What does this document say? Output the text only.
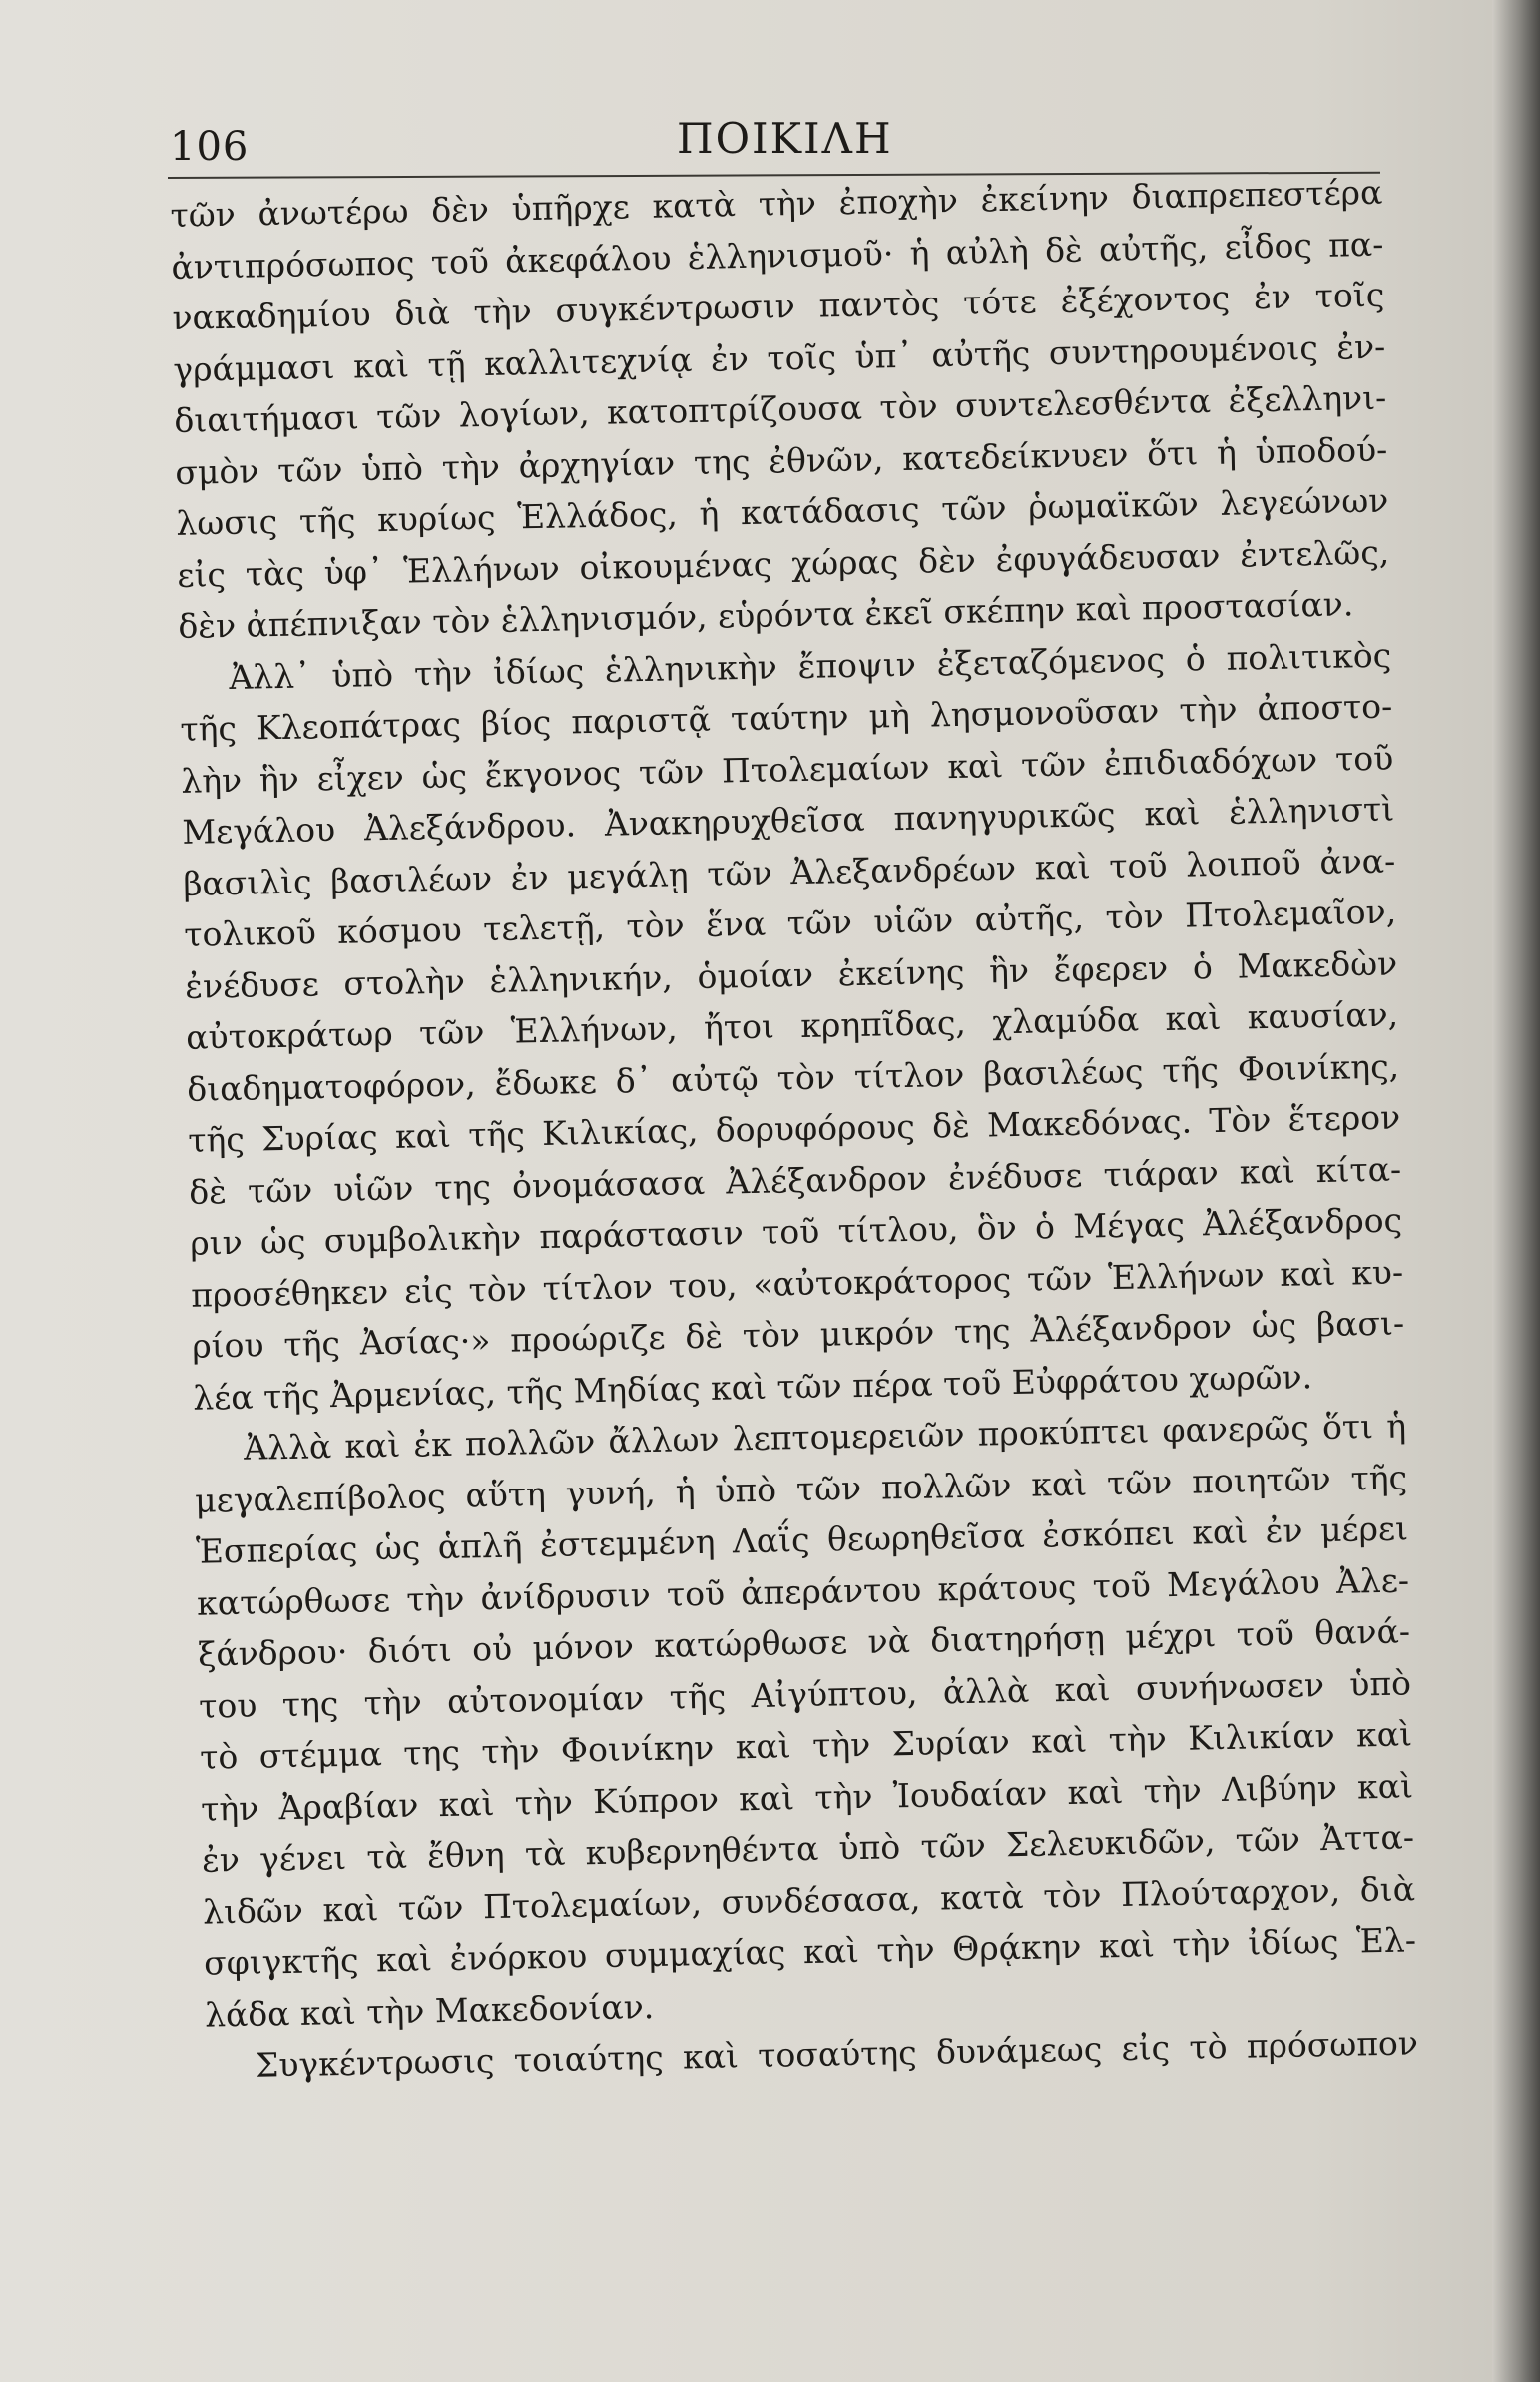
106	ΠΟΙΚΙΛΗ
τῶν ἀνωτέρω δὲν ὑπῆρχε κατὰ τὴν ἐποχὴν ἐκείνην διαπρεπεστέρα
ἀντιπρόσωπος τοῦ ἀκεφάλου ἑλληνισμοῦ· ἡ αὐλὴ δὲ αὐτῆς, εἶδος πα-
νακαδημίου διὰ τὴν συγκέντρωσιν παντὸς τότε ἐξέχοντος ἐν τοῖς
γράμμασι καὶ τῇ καλλιτεχνίᾳ ἐν τοῖς ὑπ᾽ αὐτῆς συντηρουμένοις ἐν-
διαιτήμασι τῶν λογίων, κατοπτρίζουσα τὸν συντελεσθέντα ἐξελληνι-
σμὸν τῶν ὑπὸ τὴν ἀρχηγίαν της ἐθνῶν, κατεδείκνυεν ὅτι ἡ ὑποδού-
λωσις τῆς κυρίως Ἑλλάδος, ἡ κατάδασις τῶν ῥωμαϊκῶν λεγεώνων
εἰς τὰς ὑφ᾽ Ἑλλήνων οἰκουμένας χώρας δὲν ἐφυγάδευσαν ἐντελῶς,
δὲν ἀπέπνιξαν τὸν ἑλληνισμόν, εὑρόντα ἐκεῖ σκέπην καὶ προστασίαν.
Ἀλλ᾽ ὑπὸ τὴν ἰδίως ἑλληνικὴν ἔποψιν ἐξεταζόμενος ὁ πολιτικὸς
τῆς Κλεοπάτρας βίος παριστᾷ ταύτην μὴ λησμονοῦσαν τὴν ἀποστο-
λὴν ἣν εἶχεν ὡς ἔκγονος τῶν Πτολεμαίων καὶ τῶν ἐπιδιαδόχων τοῦ
Μεγάλου Ἀλεξάνδρου. Ἀνακηρυχθεῖσα πανηγυρικῶς καὶ ἑλληνιστὶ
βασιλὶς βασιλέων ἐν μεγάλῃ τῶν Ἀλεξανδρέων καὶ τοῦ λοιποῦ ἀνα-
τολικοῦ κόσμου τελετῇ, τὸν ἕνα τῶν υἱῶν αὐτῆς, τὸν Πτολεμαῖον,
ἐνέδυσε στολὴν ἑλληνικήν, ὁμοίαν ἐκείνης ἣν ἔφερεν ὁ Μακεδὼν
αὐτοκράτωρ τῶν Ἑλλήνων, ἤτοι κρηπῖδας, χλαμύδα καὶ καυσίαν,
διαδηματοφόρον, ἔδωκε δ᾽ αὐτῷ τὸν τίτλον βασιλέως τῆς Φοινίκης,
τῆς Συρίας καὶ τῆς Κιλικίας, δορυφόρους δὲ Μακεδόνας. Τὸν ἕτερον
δὲ τῶν υἱῶν της ὀνομάσασα Ἀλέξανδρον ἐνέδυσε τιάραν καὶ κίτα-
ριν ὡς συμβολικὴν παράστασιν τοῦ τίτλου, ὃν ὁ Μέγας Ἀλέξανδρος
προσέθηκεν εἰς τὸν τίτλον του, «αὐτοκράτορος τῶν Ἑλλήνων καὶ κυ-
ρίου τῆς Ἀσίας·» προώριζε δὲ τὸν μικρόν της Ἀλέξανδρον ὡς βασι-
λέα τῆς Ἀρμενίας, τῆς Μηδίας καὶ τῶν πέρα τοῦ Εὐφράτου χωρῶν.
Ἀλλὰ καὶ ἐκ πολλῶν ἄλλων λεπτομερειῶν προκύπτει φανερῶς ὅτι ἡ
μεγαλεπίβολος αὕτη γυνή, ἡ ὑπὸ τῶν πολλῶν καὶ τῶν ποιητῶν τῆς
Ἑσπερίας ὡς ἁπλῆ ἐστεμμένη Λαΐς θεωρηθεῖσα ἐσκόπει καὶ ἐν μέρει
κατώρθωσε τὴν ἀνίδρυσιν τοῦ ἀπεράντου κράτους τοῦ Μεγάλου Ἀλε-
ξάνδρου· διότι οὐ μόνον κατώρθωσε νὰ διατηρήσῃ μέχρι τοῦ θανά-
του της τὴν αὐτονομίαν τῆς Αἰγύπτου, ἀλλὰ καὶ συνήνωσεν ὑπὸ
τὸ στέμμα της τὴν Φοινίκην καὶ τὴν Συρίαν καὶ τὴν Κιλικίαν καὶ
τὴν Ἀραβίαν καὶ τὴν Κύπρον καὶ τὴν Ἰουδαίαν καὶ τὴν Λιβύην καὶ
ἐν γένει τὰ ἔθνη τὰ κυβερνηθέντα ὑπὸ τῶν Σελευκιδῶν, τῶν Ἀττα-
λιδῶν καὶ τῶν Πτολεμαίων, συνδέσασα, κατὰ τὸν Πλούταρχον, διὰ
σφιγκτῆς καὶ ἐνόρκου συμμαχίας καὶ τὴν Θρᾴκην καὶ τὴν ἰδίως Ἑλ-
λάδα καὶ τὴν Μακεδονίαν.
Συγκέντρωσις τοιαύτης καὶ τοσαύτης δυνάμεως εἰς τὸ πρόσωπον
